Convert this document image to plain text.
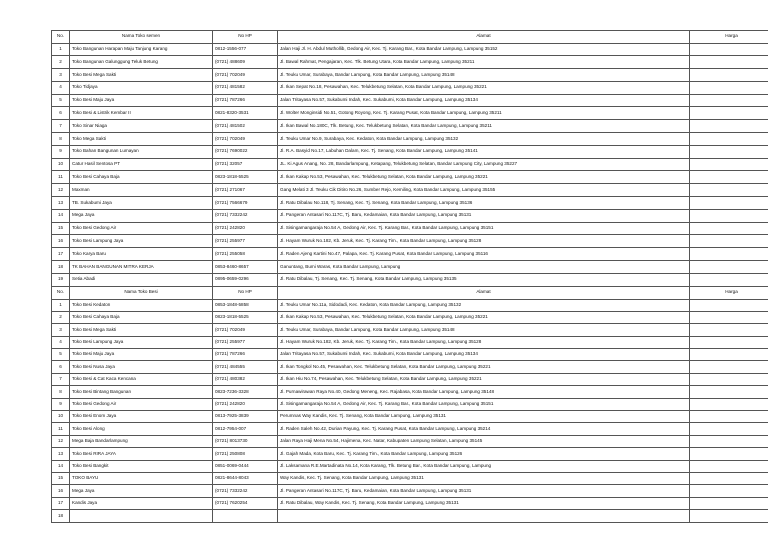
No.	Nama Toko semen	No HP	Alamat	Harga
1	Toko Bangunan Harapan Maju Tanjung Karang	0812-1556-077	Jalan Haji Jl. H. Abdul Muthollib, Gedong Air, Kec. Tj. Karang Bar., Kota Bandar Lampung, Lampung 35152	
2	Toko Bangunan Galunggung Teluk Betung	(0721) 488609	Jl. Bawal Rahmat, Pengajaran, Kec. Tlk. Betung Utara, Kota Bandar Lampung, Lampung 35211	
3	Toko Besi Mega Sakti	(0721) 702049	Jl. Teuku Umar, Surabaya, Bandar Lampung, Kota Bandar Lampung, Lampung 35148	
4	Toko Tidjaya	(0721) 481582	Jl. Ikan Sepat No.18, Pesawahan, Kec. Telukbetung Selatan, Kota Bandar Lampung, Lampung 35221	
5	Toko Besi Maju Jaya	(0721) 787266	Jalan Tritayasa No.57, Sukabumi Indah, Kec. Sukabumi, Kota Bandar Lampung, Lampung 35134	
6	Toko Besi & Listrik Kembar II	0821-8320-3531	Jl. Wolter Monginsidi No.51, Gotong Royong, Kec. Tj. Karang Pusat, Kota Bandar Lampung, Lampung 35211	
7	Toko Sinar Niaga	(0721) 481502	Jl. Ikan Bawal No.180C, Tlk. Betung, Kec. Telukbetung Selatan, Kota Bandar Lampung, Lampung 35211	
8	Toko Mega Sakti	(0721) 702049	Jl. Teuku Umar No.9, Surabaya, Kec. Kedaton, Kota Bandar Lampung, Lampung 35132	
9	Toko Bahan Bangunan Lumayan	(0721) 7690022	Jl. R.A. Basyid No.17, Labuhan Dalam, Kec. Tj. Senang, Kota Bandar Lampung, Lampung 35141	
10	Catur Hasil Sentosa PT	(0721) 32057	JL. Ki Agus Anang, No. 28, Bandarlampung, Ketapang, Telukbetung Selatan, Bandar Lampung City, Lampung 35227	
11	Toko Besi Cahaya Baja	0823-1818-5525	Jl. Ikan Kakap No.53, Pesawahan, Kec. Telukbetung Selatan, Kota Bandar Lampung, Lampung 35221	
12	Maxman	(0721) 271067	Gang Melati 3 Jl. Teuku Cik Ditiro No.26, Sumber Rejo, Kemiling, Kota Bandar Lampung, Lampung 35155	
13	TB. Sukabumi Jaya	(0721) 7566679	Jl. Ratu Dibalau No.118, Tj. Senang, Kec. Tj. Senang, Kota Bandar Lampung, Lampung 35136	
14	Mega Jaya	(0721) 7332242	Jl. Pangeran Antasari No.117C, Tj. Baru, Kedamaian, Kota Bandar Lampung, Lampung 35131	
15	Toko Besi Gedong Air	(0721) 242820	Jl. Sisingamangaraja No.54 A, Gedong Air, Kec. Tj. Karang Bar., Kota Bandar Lampung, Lampung 35151	
16	Toko Besi Lampung Jaya	(0721) 255977	Jl. Hayam Wuruk No.182, Kb. Jeruk, Kec. Tj. Karang Tim., Kota Bandar Lampung, Lampung 35128	
17	Toko Karya Baru	(0721) 255058	Jl. Raden Ajeng Kartini No.47, Palapa, Kec. Tj. Karang Pusat, Kota Bandar Lampung, Lampung 35116	
18	TK BAHAN BANGUNAN MITRA KERJA	0853-8460-8657	Ganuntang, Bumi Waras, Kota Bandar Lampung, Lampung	
19	Setia Abadi	0895-0659-0296	Jl. Ratu Dibalau, Tj. Senang, Kec. Tj. Senang, Kota Bandar Lampung, Lampung 35135	
No.	Nama Toko Besi	No HP	Alamat	Harga
1	Toko Besi Kedaton	0853-1848-5858	Jl. Teuku Umar No.11a, Sidodadi, Kec. Kedaton, Kota Bandar Lampung, Lampung 35132	
2	Toko Besi Cahaya Baja	0823-1818-5525	Jl. Ikan Kakap No.53, Pesawahan, Kec. Telukbetung Selatan, Kota Bandar Lampung, Lampung 35221	
3	Toko Besi Mega Sakti	(0721) 702049	Jl. Teuku Umar, Surabaya, Bandar Lampung, Kota Bandar Lampung, Lampung 35148	
4	Toko Besi Lampung Jaya	(0721) 255977	Jl. Hayam Wuruk No.182, Kb. Jeruk, Kec. Tj. Karang Tim., Kota Bandar Lampung, Lampung 35128	
5	Toko Besi Maju Jaya	(0721) 787266	Jalan Tritayasa No.57, Sukabumi Indah, Kec. Sukabumi, Kota Bandar Lampung, Lampung 35134	
6	Toko Besi Nusa Jaya	(0721) 484555	Jl. Ikan Tongkol No.45, Pesawahan, Kec. Telukbetung Selatan, Kota Bandar Lampung, Lampung 35221	
7	Toko Besi & Cat Kaca Kencana	(0721) 480382	Jl. Ikan Hiu No.74, Pesawahan, Kec. Telukbetung Selatan, Kota Bandar Lampung, Lampung 35221	
8	Toko Besi Bintang Bangunan	0823-7236-3328	Jl. Purnawirawan Raya No.40, Gedong Meneng, Kec. Rajabasa, Kota Bandar Lampung, Lampung 35148	
9	Toko Besi Gedong Air	(0721) 242820	Jl. Sisingamangaraja No.54 A, Gedong Air, Kec. Tj. Karang Bar., Kota Bandar Lampung, Lampung 35151	
10	Toko Besi Enom Jaya	0813-7925-3839	Perumnas Way Kandis, Kec. Tj. Senang, Kota Bandar Lampung, Lampung 35131	
11	Toko Besi Along	0812-7954-007	Jl. Raden Saleh No.42, Durian Payung, Kec. Tj. Karang Pusat, Kota Bandar Lampung, Lampung 35214	
12	Mega Baja Bandarlampung	(0721) 8013730	Jalan Raya Haji Mena No.54, Hajimena, Kec. Natar, Kabupaten Lampung Selatan, Lampung 35145	
13	Toko Besi RIRA JAYA	(0721) 250808	Jl. Gajah Mada, Kota Baru, Kec. Tj. Karang Tim., Kota Bandar Lampung, Lampung 35126	
14	Toko Besi Bangkit	0851-0069-0444	Jl. Laksamana R.E.Martadinata No.14, Kota Karang, Tlk. Betung Bar., Kota Bandar Lampung, Lampung	
15	TOKO BAYU	0821-8644-8043	Way Kandis, Kec. Tj. Senang, Kota Bandar Lampung, Lampung 35131	
16	Mega Jaya	(0721) 7332242	Jl. Pangeran Antasari No.117C, Tj. Baru, Kedamaian, Kota Bandar Lampung, Lampung 35131	
17	Kandis Jaya	(0721) 7620254	Jl. Ratu Dibalau, Way Kandis, Kec. Tj. Senang, Kota Bandar Lampung, Lampung 35131	
18				
